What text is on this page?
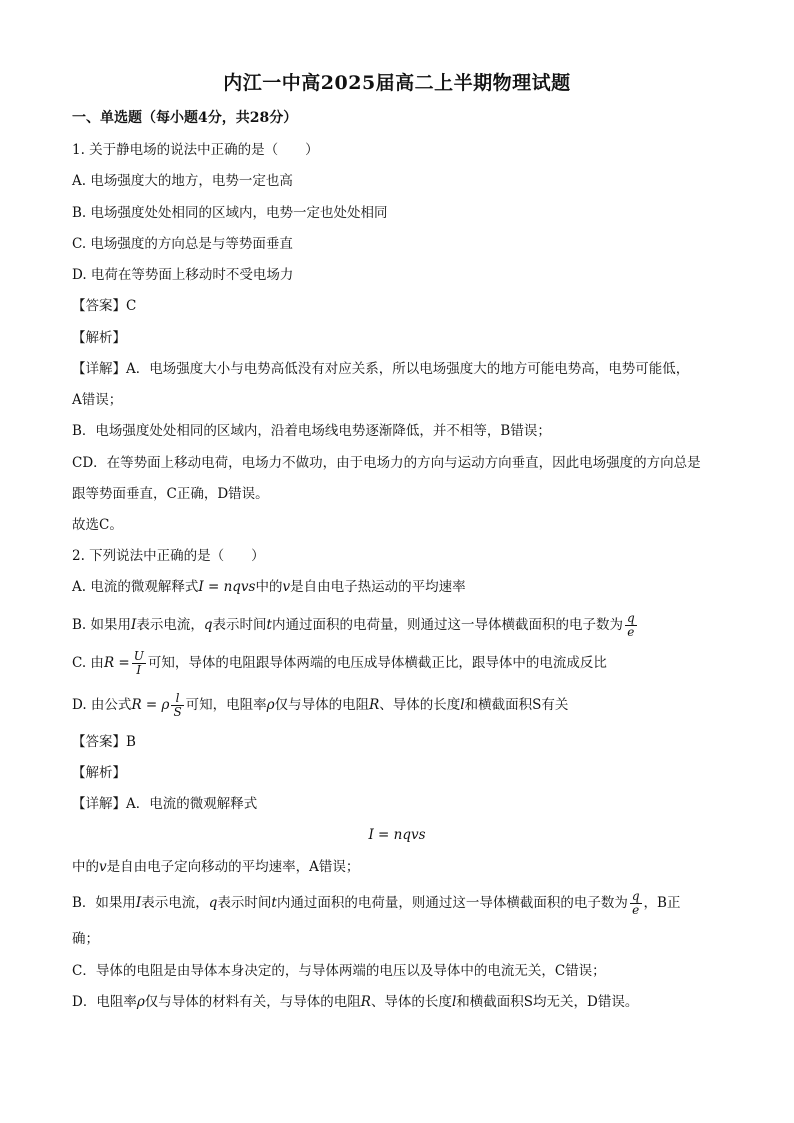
内江一中高2025届高二上半期物理试题
一、单选题（每小题4分，共28分）
1. 关于静电场的说法中正确的是（　　）
A. 电场强度大的地方，电势一定也高
B. 电场强度处处相同的区域内，电势一定也处处相同
C. 电场强度的方向总是与等势面垂直
D. 电荷在等势面上移动时不受电场力
【答案】C
【解析】
【详解】A．电场强度大小与电势高低没有对应关系，所以电场强度大的地方可能电势高，电势可能低，
A错误；
B．电场强度处处相同的区域内，沿着电场线电势逐渐降低，并不相等，B错误；
CD．在等势面上移动电荷，电场力不做功，由于电场力的方向与运动方向垂直，因此电场强度的方向总是
跟等势面垂直，C正确，D错误。
故选C。
2. 下列说法中正确的是（　　）
A. 电流的微观解释式I = nqvs中的v是自由电子热运动的平均速率
B. 如果用I表示电流，q表示时间t内通过面积的电荷量，则通过这一导体横截面积的电子数为 $\frac{q}{e}$
C. 由$R = \frac{U}{I}$ 可知，导体的电阻跟导体两端的电压成导体横截正比，跟导体中的电流成反比
D. 由公式R = ρ $\frac{l}{S}$ 可知，电阻率ρ仅与导体的电阻R、导体的长度l和横截面积S有关
【答案】B
【解析】
【详解】A．电流的微观解释式
I = nqvs
中的v是自由电子定向移动的平均速率，A错误；
B．如果用I表示电流，q表示时间t内通过面积的电荷量，则通过这一导体横截面积的电子数为 $\frac{q}{e}$ ，B正
确；
C．导体的电阻是由导体本身决定的，与导体两端的电压以及导体中的电流无关，C错误；
D．电阻率ρ仅与导体的材料有关，与导体的电阻R、导体的长度l和横截面积S均无关，D错误。
